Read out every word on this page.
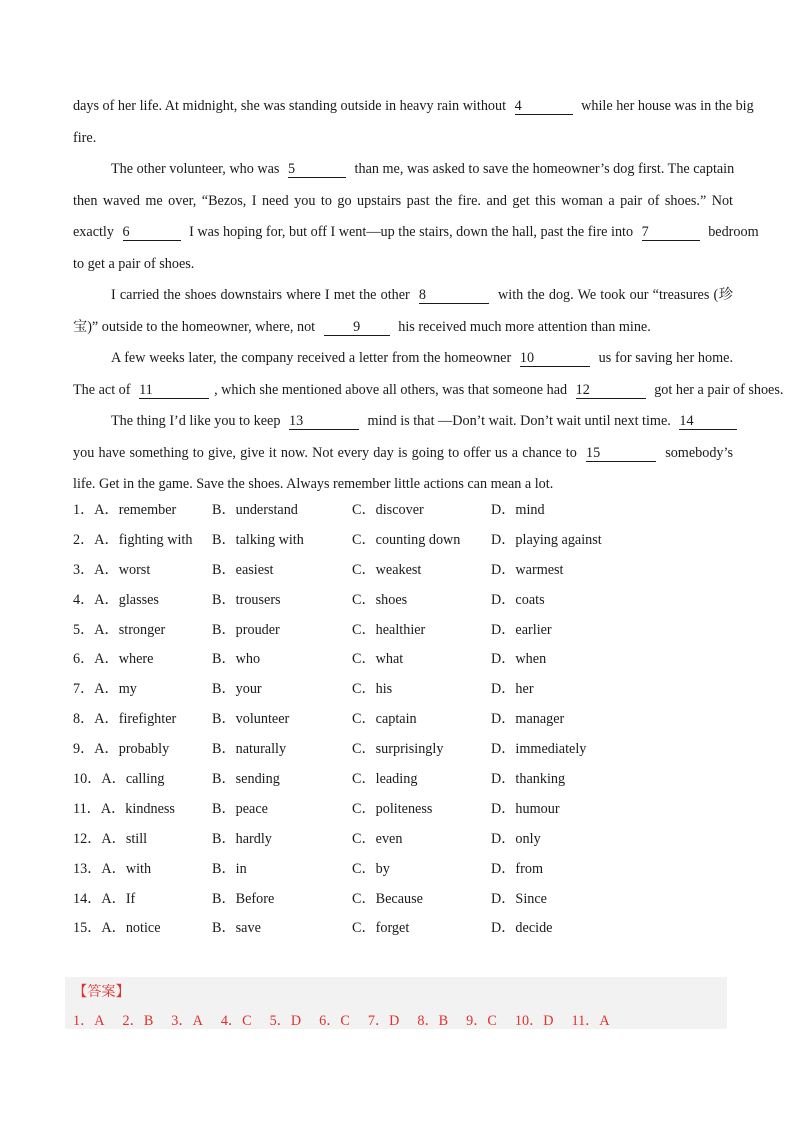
days of her life. At midnight, she was standing outside in heavy rain without 4	while her house was in the big
fire.
The other volunteer, who was 5	than me, was asked to save the homeowner’s dog first. The captain
then waved me over, “Bezos, I need you to go upstairs past the fire. and get this woman a pair of shoes.” Not
exactly 6	I was hoping for, but off I went—up the stairs, down the hall, past the fire into 7	bedroom
to get a pair of shoes.
I carried the shoes downstairs where I met the other 8	with the dog. We took our “treasures (珍
宝)” outside to the homeowner, where, not 9 his received much more attention than mine.
A few weeks later, the company received a letter from the homeowner 10	us for saving her home.
The act of 11	, which she mentioned above all others, was that someone had 12	got her a pair of shoes.
The thing I’d like you to keep 13	mind is that —Don’t wait. Don’t wait until next time. 14
you have something to give, give it now. Not every day is going to offer us a chance to 15	somebody’s
life. Get in the game. Save the shoes. Always remember little actions can mean a lot.
1．A．remember	B．understand	C．discover	D．mind
2．A．fighting with B．talking with	C．counting down D．playing against
3．A．worst	B．easiest	C．weakest	D．warmest
4．A．glasses	B．trousers	C．shoes	D．coats
5．A．stronger	B．prouder	C．healthier	D．earlier
6．A．where	B．who	C．what	D．when
7．A．my	B．your	C．his	D．her
8．A．firefighter	B．volunteer	C．captain	D．manager
9．A．probably	B．naturally	C．surprisingly	D．immediately
10．A．calling	B．sending	C．leading	D．thanking
11．A．kindness	B．peace	C．politeness	D．humour
12．A．still	B．hardly	C．even	D．only
13．A．with	B．in	C．by	D．from
14．A．If	B．Before	C．Because	D．Since
15．A．notice	B．save	C．forget	D．decide
【答案】
1．A 2．B 3．A 4．C 5．D 6．C 7．D 8．B 9．C 10．D 11．A
